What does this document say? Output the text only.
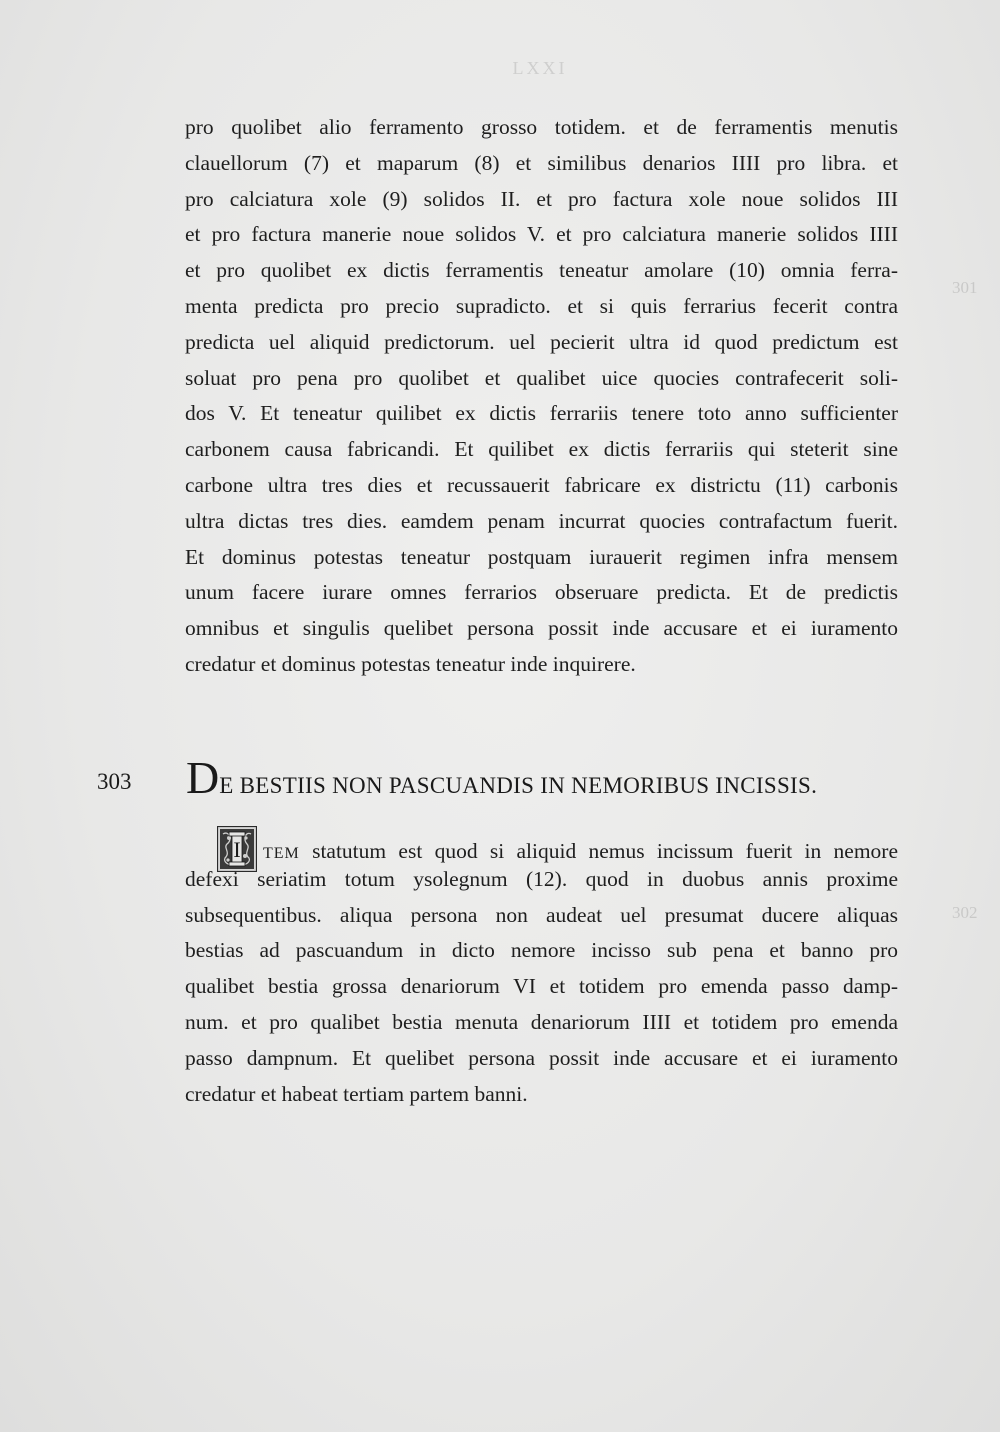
LXXI
301
302
pro quolibet alio ferramento grosso totidem. et de ferramentis menutis
clauellorum (7) et maparum (8) et similibus denarios IIII pro libra. et
pro calciatura xole (9) solidos II. et pro factura xole noue solidos III
et pro factura manerie noue solidos V. et pro calciatura manerie solidos IIII
et pro quolibet ex dictis ferramentis teneatur amolare (10) omnia ferra-
menta predicta pro precio supradicto. et si quis ferrarius fecerit contra
predicta uel aliquid predictorum. uel pecierit ultra id quod predictum est
soluat pro pena pro quolibet et qualibet uice quocies contrafecerit soli-
dos V. Et teneatur quilibet ex dictis ferrariis tenere toto anno sufficienter
carbonem causa fabricandi. Et quilibet ex dictis ferrariis qui steterit sine
carbone ultra tres dies et recussauerit fabricare ex districtu (11) carbonis
ultra dictas tres dies. eamdem penam incurrat quocies contrafactum fuerit.
Et dominus potestas teneatur postquam iurauerit regimen infra mensem
unum facere iurare omnes ferrarios obseruare predicta. Et de predictis
omnibus et singulis quelibet persona possit inde accusare et ei iuramento
credatur et dominus potestas teneatur inde inquirere.
303 DE BESTIIS NON PASCUANDIS IN NEMORIBUS INCISSIS.
I TEM statutum est quod si aliquid nemus incissum fuerit in nemore
defexi seriatim totum ysolegnum (12). quod in duobus annis proxime
subsequentibus. aliqua persona non audeat uel presumat ducere aliquas
bestias ad pascuandum in dicto nemore incisso sub pena et banno pro
qualibet bestia grossa denariorum VI et totidem pro emenda passo damp-
num. et pro qualibet bestia menuta denariorum IIII et totidem pro emenda
passo dampnum. Et quelibet persona possit inde accusare et ei iuramento
credatur et habeat tertiam partem banni.
